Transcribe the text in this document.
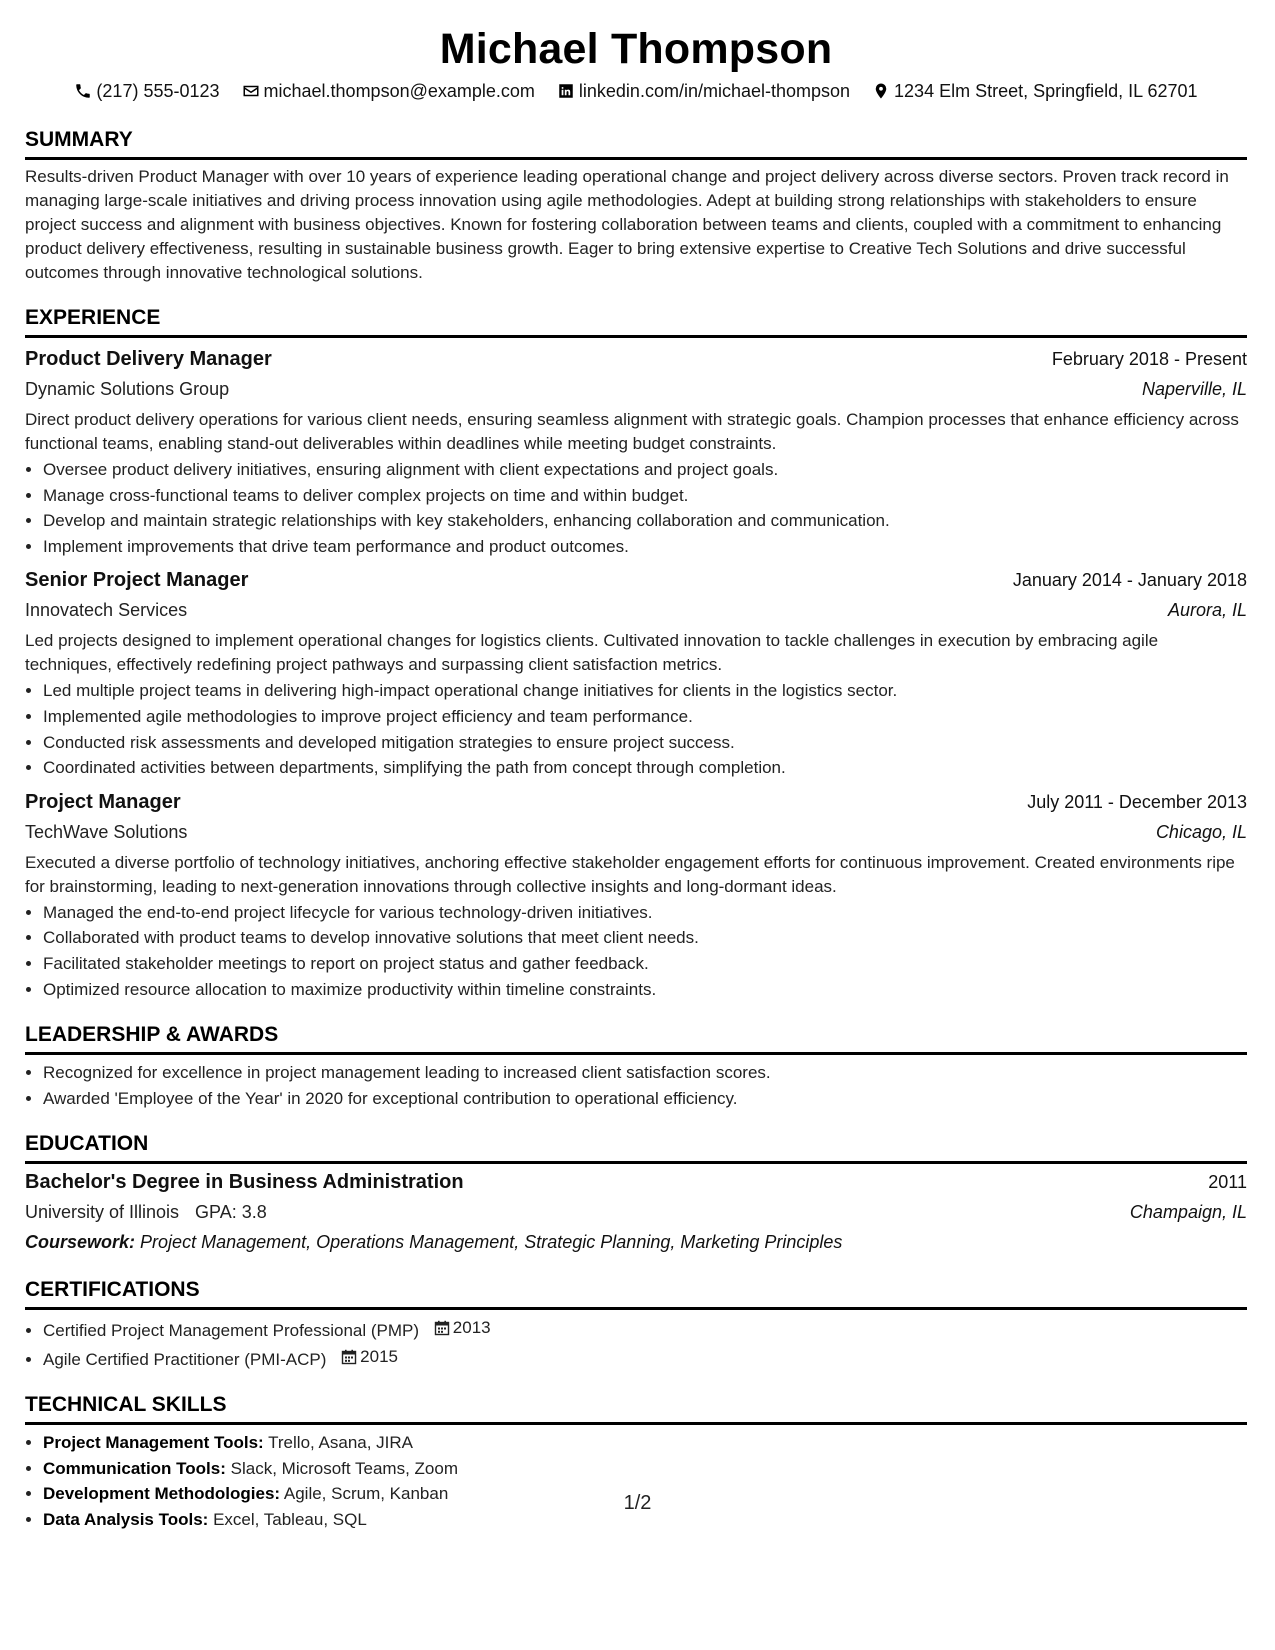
Michael Thompson
(217) 555-0123 michael.thompson@example.com linkedin.com/in/michael-thompson 1234 Elm Street, Springfield, IL 62701
SUMMARY
Results-driven Product Manager with over 10 years of experience leading operational change and project delivery across diverse sectors. Proven track record in managing large-scale initiatives and driving process innovation using agile methodologies. Adept at building strong relationships with stakeholders to ensure project success and alignment with business objectives. Known for fostering collaboration between teams and clients, coupled with a commitment to enhancing product delivery effectiveness, resulting in sustainable business growth. Eager to bring extensive expertise to Creative Tech Solutions and drive successful outcomes through innovative technological solutions.
EXPERIENCE
Product Delivery Manager	February 2018 - Present
Dynamic Solutions Group	Naperville, IL
Direct product delivery operations for various client needs, ensuring seamless alignment with strategic goals. Champion processes that enhance efficiency across functional teams, enabling stand-out deliverables within deadlines while meeting budget constraints.
• Oversee product delivery initiatives, ensuring alignment with client expectations and project goals.
• Manage cross-functional teams to deliver complex projects on time and within budget.
• Develop and maintain strategic relationships with key stakeholders, enhancing collaboration and communication.
• Implement improvements that drive team performance and product outcomes.
Senior Project Manager	January 2014 - January 2018
Innovatech Services	Aurora, IL
Led projects designed to implement operational changes for logistics clients. Cultivated innovation to tackle challenges in execution by embracing agile techniques, effectively redefining project pathways and surpassing client satisfaction metrics.
• Led multiple project teams in delivering high-impact operational change initiatives for clients in the logistics sector.
• Implemented agile methodologies to improve project efficiency and team performance.
• Conducted risk assessments and developed mitigation strategies to ensure project success.
• Coordinated activities between departments, simplifying the path from concept through completion.
Project Manager	July 2011 - December 2013
TechWave Solutions	Chicago, IL
Executed a diverse portfolio of technology initiatives, anchoring effective stakeholder engagement efforts for continuous improvement. Created environments ripe for brainstorming, leading to next-generation innovations through collective insights and long-dormant ideas.
• Managed the end-to-end project lifecycle for various technology-driven initiatives.
• Collaborated with product teams to develop innovative solutions that meet client needs.
• Facilitated stakeholder meetings to report on project status and gather feedback.
• Optimized resource allocation to maximize productivity within timeline constraints.
LEADERSHIP & AWARDS
• Recognized for excellence in project management leading to increased client satisfaction scores.
• Awarded 'Employee of the Year' in 2020 for exceptional contribution to operational efficiency.
EDUCATION
Bachelor's Degree in Business Administration	2011
University of Illinois GPA: 3.8	Champaign, IL
Coursework: Project Management, Operations Management, Strategic Planning, Marketing Principles
CERTIFICATIONS
• Certified Project Management Professional (PMP) 2013
• Agile Certified Practitioner (PMI-ACP) 2015
TECHNICAL SKILLS
• Project Management Tools: Trello, Asana, JIRA
• Communication Tools: Slack, Microsoft Teams, Zoom
• Development Methodologies: Agile, Scrum, Kanban
• Data Analysis Tools: Excel, Tableau, SQL
1/2
